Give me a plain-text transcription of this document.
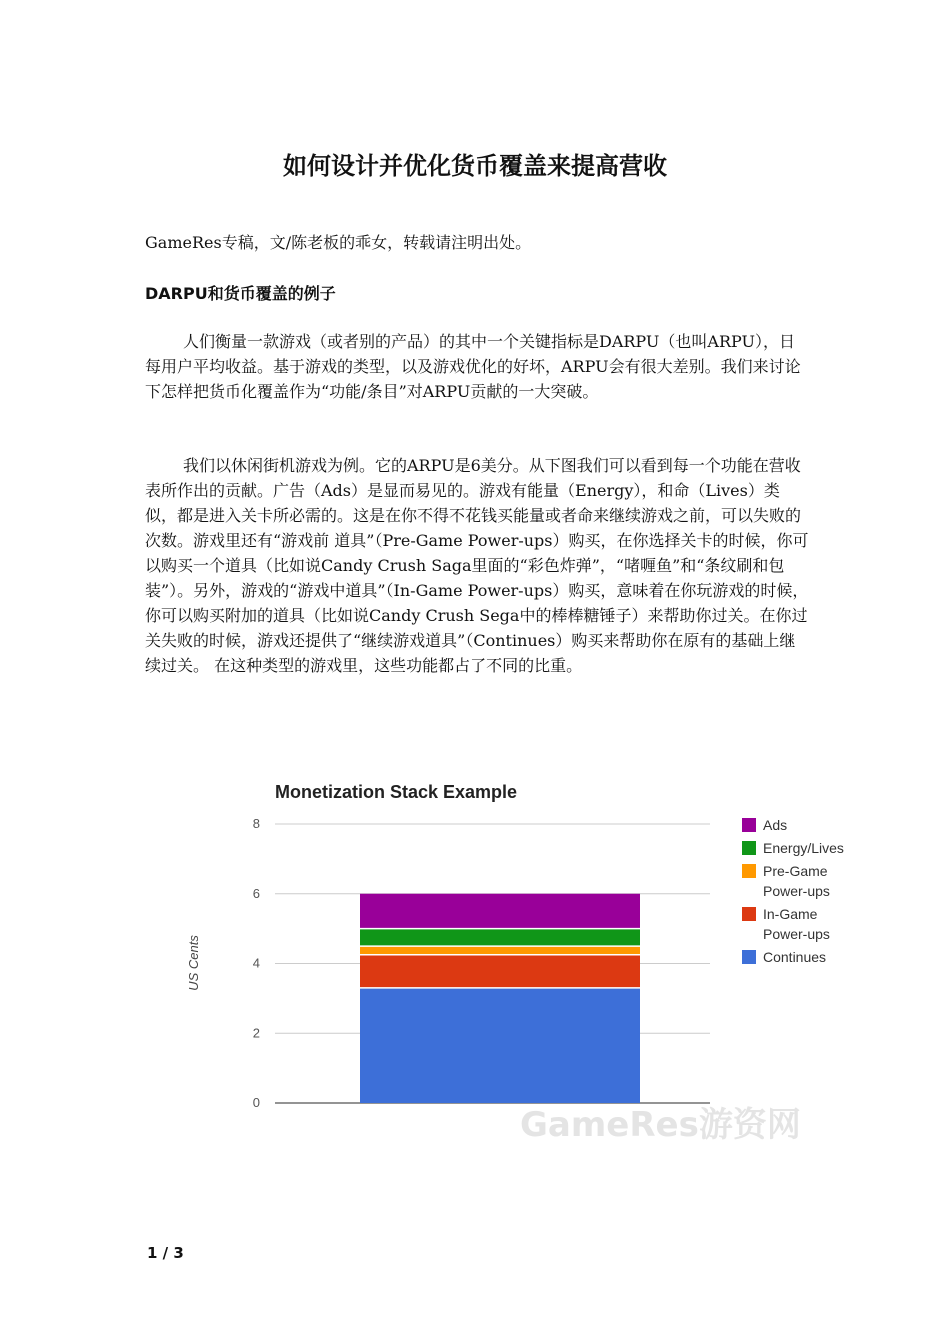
如何设计并优化货币覆盖来提高营收

GameRes专稿，文/陈老板的乖女，转载请注明出处。

DARPU和货币覆盖的例子

人们衡量一款游戏（或者别的产品）的其中一个关键指标是DARPU（也叫ARPU），日每用户平均收益。基于游戏的类型，以及游戏优化的好坏，ARPU会有很大差别。我们来讨论下怎样把货币化覆盖作为“功能/条目”对ARPU贡献的一大突破。

我们以休闲街机游戏为例。它的ARPU是6美分。从下图我们可以看到每一个功能在营收表所作出的贡献。广告（Ads）是显而易见的。游戏有能量（Energy），和命（Lives）类似，都是进入关卡所必需的。这是在你不得不花钱买能量或者命来继续游戏之前，可以失败的次数。游戏里还有“游戏前 道具”（Pre-Game Power-ups）购买，在你选择关卡的时候，你可以购买一个道具（比如说Candy Crush Saga里面的“彩色炸弹”，“啫喱鱼”和“条纹刷和包装”）。另外，游戏的“游戏中道具”（In-Game Power-ups）购买，意味着在你玩游戏的时候，你可以购买附加的道具（比如说Candy Crush Sega中的棒棒糖锤子）来帮助你过关。在你过关失败的时候，游戏还提供了“继续游戏道具”（Continues）购买来帮助你在原有的基础上继续过关。 在这种类型的游戏里，这些功能都占了不同的比重。

Monetization Stack Example
0
2
4
6
8
US Cents
GameRes游资网
Ads
Energy/Lives
Pre-Game
Power-ups
In-Game
Power-ups
Continues
1 / 3
